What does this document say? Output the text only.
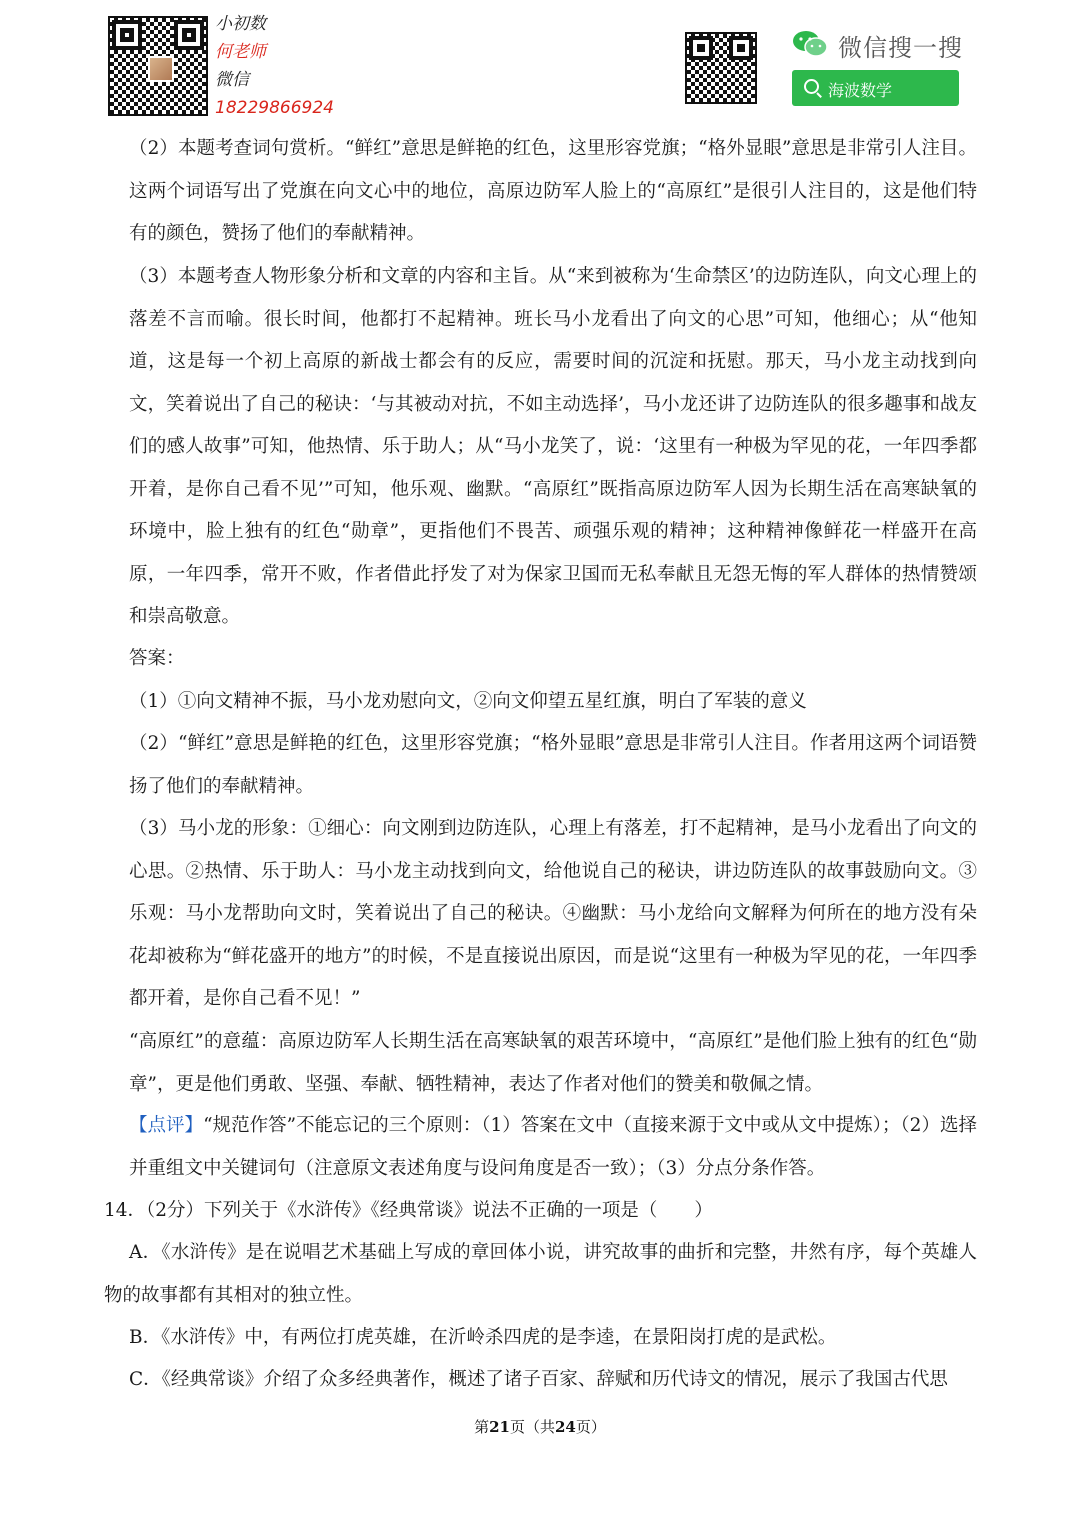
小初数
何老师
微信
18229866924
微信搜一搜
海波数学
（2）本题考查词句赏析。“鲜红”意思是鲜艳的红色，这里形容党旗；“格外显眼”意思是非常引人注目。这两个词语写出了党旗在向文心中的地位，高原边防军人脸上的“高原红”是很引人注目的，这是他们特有的颜色，赞扬了他们的奉献精神。
（3）本题考查人物形象分析和文章的内容和主旨。从“来到被称为‘生命禁区’的边防连队，向文心理上的落差不言而喻。很长时间，他都打不起精神。班长马小龙看出了向文的心思”可知，他细心；从“他知道，这是每一个初上高原的新战士都会有的反应，需要时间的沉淀和抚慰。那天，马小龙主动找到向文，笑着说出了自己的秘诀：‘与其被动对抗，不如主动选择’，马小龙还讲了边防连队的很多趣事和战友们的感人故事”可知，他热情、乐于助人；从“马小龙笑了，说：‘这里有一种极为罕见的花，一年四季都开着，是你自己看不见’”可知，他乐观、幽默。“高原红”既指高原边防军人因为长期生活在高寒缺氧的环境中，脸上独有的红色“勋章”，更指他们不畏苦、顽强乐观的精神；这种精神像鲜花一样盛开在高原，一年四季，常开不败，作者借此抒发了对为保家卫国而无私奉献且无怨无悔的军人群体的热情赞颂和崇高敬意。
答案：
（1）①向文精神不振，马小龙劝慰向文，②向文仰望五星红旗，明白了军装的意义
（2）“鲜红”意思是鲜艳的红色，这里形容党旗；“格外显眼”意思是非常引人注目。作者用这两个词语赞扬了他们的奉献精神。
（3）马小龙的形象：①细心：向文刚到边防连队，心理上有落差，打不起精神，是马小龙看出了向文的心思。②热情、乐于助人：马小龙主动找到向文，给他说自己的秘诀，讲边防连队的故事鼓励向文。③乐观：马小龙帮助向文时，笑着说出了自己的秘诀。④幽默：马小龙给向文解释为何所在的地方没有朵花却被称为“鲜花盛开的地方”的时候，不是直接说出原因，而是说“这里有一种极为罕见的花，一年四季都开着，是你自己看不见！”
“高原红”的意蕴：高原边防军人长期生活在高寒缺氧的艰苦环境中，“高原红”是他们脸上独有的红色“勋章”，更是他们勇敢、坚强、奉献、牺牲精神，表达了作者对他们的赞美和敬佩之情。
【点评】“规范作答”不能忘记的三个原则：（1）答案在文中（直接来源于文中或从文中提炼）；（2）选择并重组文中关键词句（注意原文表述角度与设问角度是否一致）；（3）分点分条作答。
14．（2分）下列关于《水浒传》《经典常谈》说法不正确的一项是（　　）
A．《水浒传》是在说唱艺术基础上写成的章回体小说，讲究故事的曲折和完整，井然有序，每个英雄人物的故事都有其相对的独立性。
B．《水浒传》中，有两位打虎英雄，在沂岭杀四虎的是李逵，在景阳岗打虎的是武松。
C．《经典常谈》介绍了众多经典著作，概述了诸子百家、辞赋和历代诗文的情况，展示了我国古代思
第21页（共24页）
